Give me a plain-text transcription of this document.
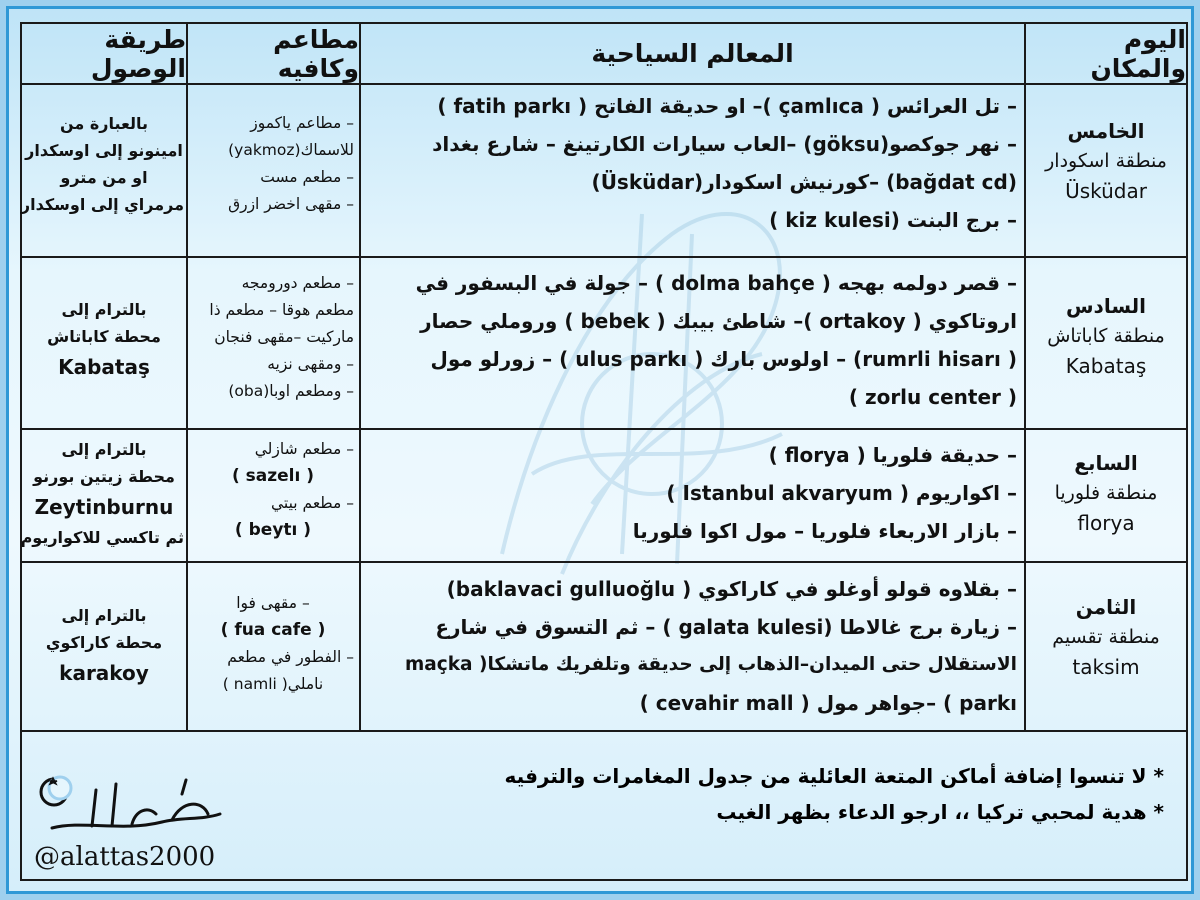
اليوم والمكان
المعالم السياحية
مطاعم وكافيه
طريقة الوصول
الخامس
منطقة اسكودار
Üsküdar
– تل العرائس ( çamlıca )– او حديقة الفاتح ( fatih parkı )
– نهر جوكصو(göksu) –العاب سيارات الكارتينغ – شارع بغداد
(bağdat cd) –كورنيش اسكودار(Üsküdar)
– برج البنت (kiz kulesi )
– مطاعم ياكموز
للاسماك(yakmoz)
– مطعم مست
– مقهى اخضر ازرق
بالعبارة من
امينونو إلى اوسكدار
او من مترو
مرمراي إلى اوسكدار
السادس
منطقة كاباتاش
Kabataş
– قصر دولمه بهجه ( dolma bahçe ) – جولة في البسفور في
اروتاكوي ( ortakoy )– شاطئ بيبك ( bebek ) وروملي حصار
( rumrli hisarı) – اولوس بارك ( ulus parkı ) – زورلو مول
( zorlu center )
– مطعم دورومجه
مطعم هوقا – مطعم ذا
ماركيت –مقهى فنجان
– ومقهى نزيه
– ومطعم اوبا(oba)
بالترام إلى
محطة كاباتاش
Kabataş
السابع
منطقة فلوريا
florya
– حديقة فلوريا ( florya )
– اكواريوم ( Istanbul akvaryum )
– بازار الاربعاء فلوريا – مول اكوا فلوريا
– مطعم شازلي
( sazelı )
– مطعم بيتي
( beytı )
بالترام إلى
محطة زيتين بورنو
Zeytinburnu
ثم تاكسي للاكواريوم
الثامن
منطقة تقسيم
taksim
– بقلاوه قولو أوغلو في كاراكوي ( baklavaci gulluoğlu)
– زيارة برج غالاطا (galata kulesi ) – ثم التسوق في شارع
الاستقلال حتى الميدان–الذهاب إلى حديقة وتلفريك ماتشكا( maçka
parkı ) –جواهر مول ( cevahir mall )
– مقهى فوا
( fua cafe )
– الفطور في مطعم
ناملي( namli )
بالترام إلى
محطة كاراكوي
karakoy
* لا تنسوا إضافة أماكن المتعة العائلية من جدول المغامرات والترفيه
* هدية لمحبي تركيا ،، ارجو الدعاء بظهر الغيب
@alattas2000
